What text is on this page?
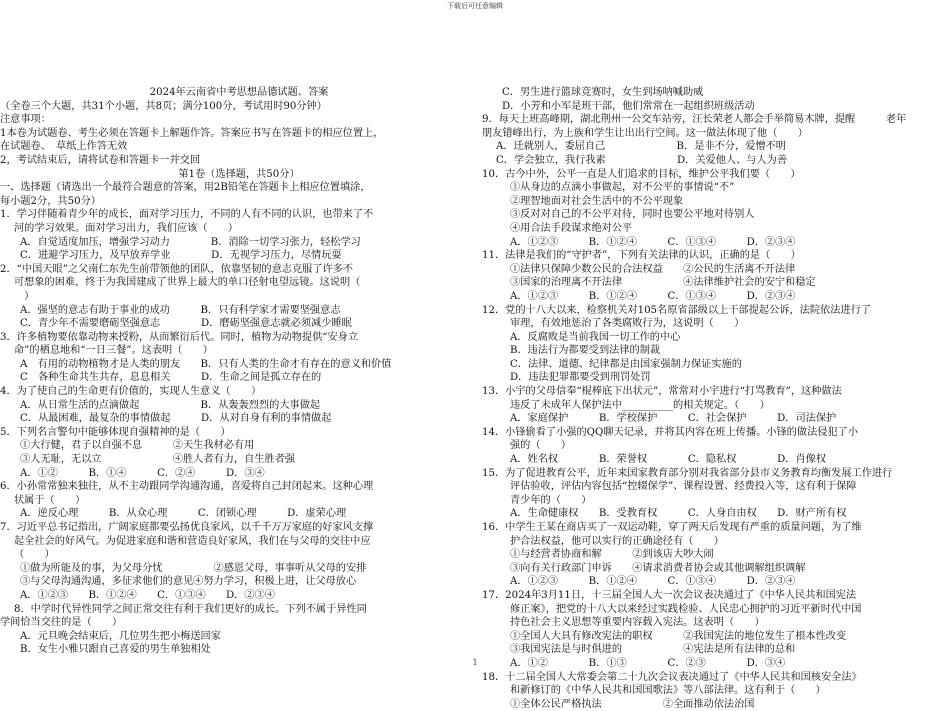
下载后可任意编辑
2024年云南省中考思想品德试题、答案
（全卷三个大题，共31个小题，共8页；满分100分，考试用时90分钟）
注意事项：
1本卷为试题卷、考生必须在答题卡上解题作答。答案应书写在答题卡的相应位置上，
在试题卷、　草纸上作答无效
2，考试结束后，请将试卷和答题卡一并交回
第1卷（选择题，共50分）
一、选择题（请选出一个最符合题意的答案，用2B铅笔在答题卡上相应位置填涂，
每小题2分，共50分）
1．学习伴随着青少年的成长，面对学习压力，不同的人有不同的认识，也带来了不
河的学习效果。面对学习出力，我们应该（　　）
A．自觉适度加压，增强学习动力　　　　B．消除一切学习张力，轻松学习
C．进避学习压力，及早放弃学业　　　　D．无视学习压力，尽情玩耍
2．“中国天眼”之父南仁东先生前带领他的团队，依靠坚韧的意志克服了许多不
可想象的困难，终于为我国建成了世界上最大的单口径射电望远镜。这说明（
　）
A．强坚的意志有助于事业的成功　　　B．只有科学家才需要坚强意志
C．青少年不需要磨砺坚强意志　　　　D．磨砺坚强意志就必须减少睡眠
3．许多植物要依靠动物来授粉，从而繁衍后代。同时，植物为动物提供“安身立
命”的栖息地和“一日三餐”。这表明（　　）
A　有用的动物植物才是人类的朋友　　B．只有人类的生命才有存在的意义和价值
C　各种生命共生共存，息息相关　　　D．生命之间是孤立存在的
4．为了使自己的生命更有价值的，实现人生意义（　　）
A．从日常生活的点滴做起　　　　　　B．从轰轰烈烈的大事做起
C．从最困难，最复杂的事情做起　　　D．从对自身有利的事情做起
5．下列名言警句中能够体现自强精神的是（　　）
①大行健，君子以自强不息　　　②天生我材必有用
③人无耻，无以立　　　　　　　④胜人者有力，自生胜者强
A．①②　　　B．①④　　　C．②④　　　D．③④
6．小孙常常独来独往，从不主动跟同学沟通沟通，喜爱将自己封闭起来。这种心理
状属于（　　）
A．逆反心理　　　B．从众心理　　　C．闭锁心理　　　D．虚荣心理
7．习近平总书记指出，广阔家庭都要弘扬优良家风，以千千万万家庭的好家风支撑
起全社会的好风气。为促进家庭和谐和营造良好家风，我们在与父母的交往中应
（　　）
①做为所能及的事，为父母分忧　　　　　②感恩父母，事事听从父母的安排
③与父母沟通沟通，多征求他们的意见④努力学习，积极上进，让父母放心
A．①②③　　B．①②④　　C．①③④　　D．②③④
8．中学时代异性同学之间正常交往有利于我们更好的成长。下列不属于异性同
学间恰当交往的是（　　）
A．元旦晚会结束后，几位男生把小梅送回家
B．女生小雅只跟自己喜爱的男生单独相处
C．男生进行篮球竞赛时，女生到场呐喊助威
D．小芳和小军是班干部，他们常常在一起组织班级活动
9．每天上班高峰期，湖北荆州一公交车站旁，汪长荣老人都会手举简易木牌，提醒　　　老年
朋友错峰出行，为上族和学生让出出行空间。这一做法体现了他（　　）
A．迁就别人，委屈自己　　　　　　　B．是非不分，爱憎不明
C．学会独立，我行我素　　　　　　　D．关爱他人、与人为善
10．古今中外，公平一直是人们追求的目标，维护公平我们要（　　）
①从身边的点滴小事做起，对不公平的事情说“不”
②理智地面对社会生活中的不公平现象
③反对对自己的不公平对待，同时也要公平地对待别人
④用合法手段谋求绝对公平
A．①②③　　　B．①②④　　　C．①③④　　　D．②③④
11．法律是我们的“守护者”，下列有关法律的认识，正确的是（　　）
①法律只保障少数公民的合法权益　　②公民的生活离不开法律
③国家的治理离不开法律　　　　　　④法律维护社会的安宁和稳定
A．①②③　　　B．①②④　　　C．①③④　　　D．②③④
12．党的十八大以来，检察机关对105名原省部级以上干部提起公诉，法院依法进行了
审理，有效地惩治了各类腐败行为，这说明（　　）
A．反腐败是当前我国一切工作的中心
B．违法行为都要受到法律的制裁
C．法律、道德、纪律都是由国家强制力保证实施的
D．违法犯罪都要受到刑罚处罚
13．小宇的父母信奉“棍棒底下出状元”，常常对小宇进行“打骂教育”，这种做法
违反了未成年人保护法中__________的相关规定。（　　）
A．家庭保护　　　B．学校保护　　　C．社会保护　　　D．司法保护
14．小锋偷看了小强的QQ聊天记录，并将其内容在班上传播。小锋的做法侵犯了小
强的（　　）
A．姓名权　　　　B．荣誉权　　　　C．隐私权　　　　D．肖像权
15．为了促进教育公平，近年来国家教育部分别对我省部分县市义务教育均衡发展工作进行
评估验收，评估内容包括“控辍保学”、课程设置、经费投入等，这有利于保障
青少年的（　　）
A．生命健康权　　B．受教育权　　　C．人身自由权　　D．财产所有权
16．中学生王某在商店买了一双运动鞋，穿了两天后发现有严重的质量问题，为了维
护合法权益，他可以实行的正确途径有（　　）
①与经营者协商和解　　　②到该店大吵大闹
③向有关行政部门申诉　　④请求消费者协会或其他调解组织调解
A．①②③　　　B．①②④　　　C．①③④　　　D．②③④
17．2024年3月11日，十三届全国人大一次会议表决通过了《中华人民共和国宪法
修正案》，把党的十八大以来经过实践检验、人民忠心拥护的习近平新时代中国
持色社会主义思想等重要内容载入宪法。这表明（　　）
①全国人大具有修改宪法的职权　　　②我国宪法的地位发生了根本性改变
③我国宪法是与时俱进的　　　　　　④宪法是所有法律的总和
A．①②　　　　B．①③　　　　C．②③　　　　D．③④
18．十二届全国人大常委会第二十九次会议表决通过了《中华人民共和国核安全法》
和新修订的《中华人民共和国国歌法》等八部法律。这有利于（　　）
①全体公民严格执法　　　　　　②全面推动依法治国
1
